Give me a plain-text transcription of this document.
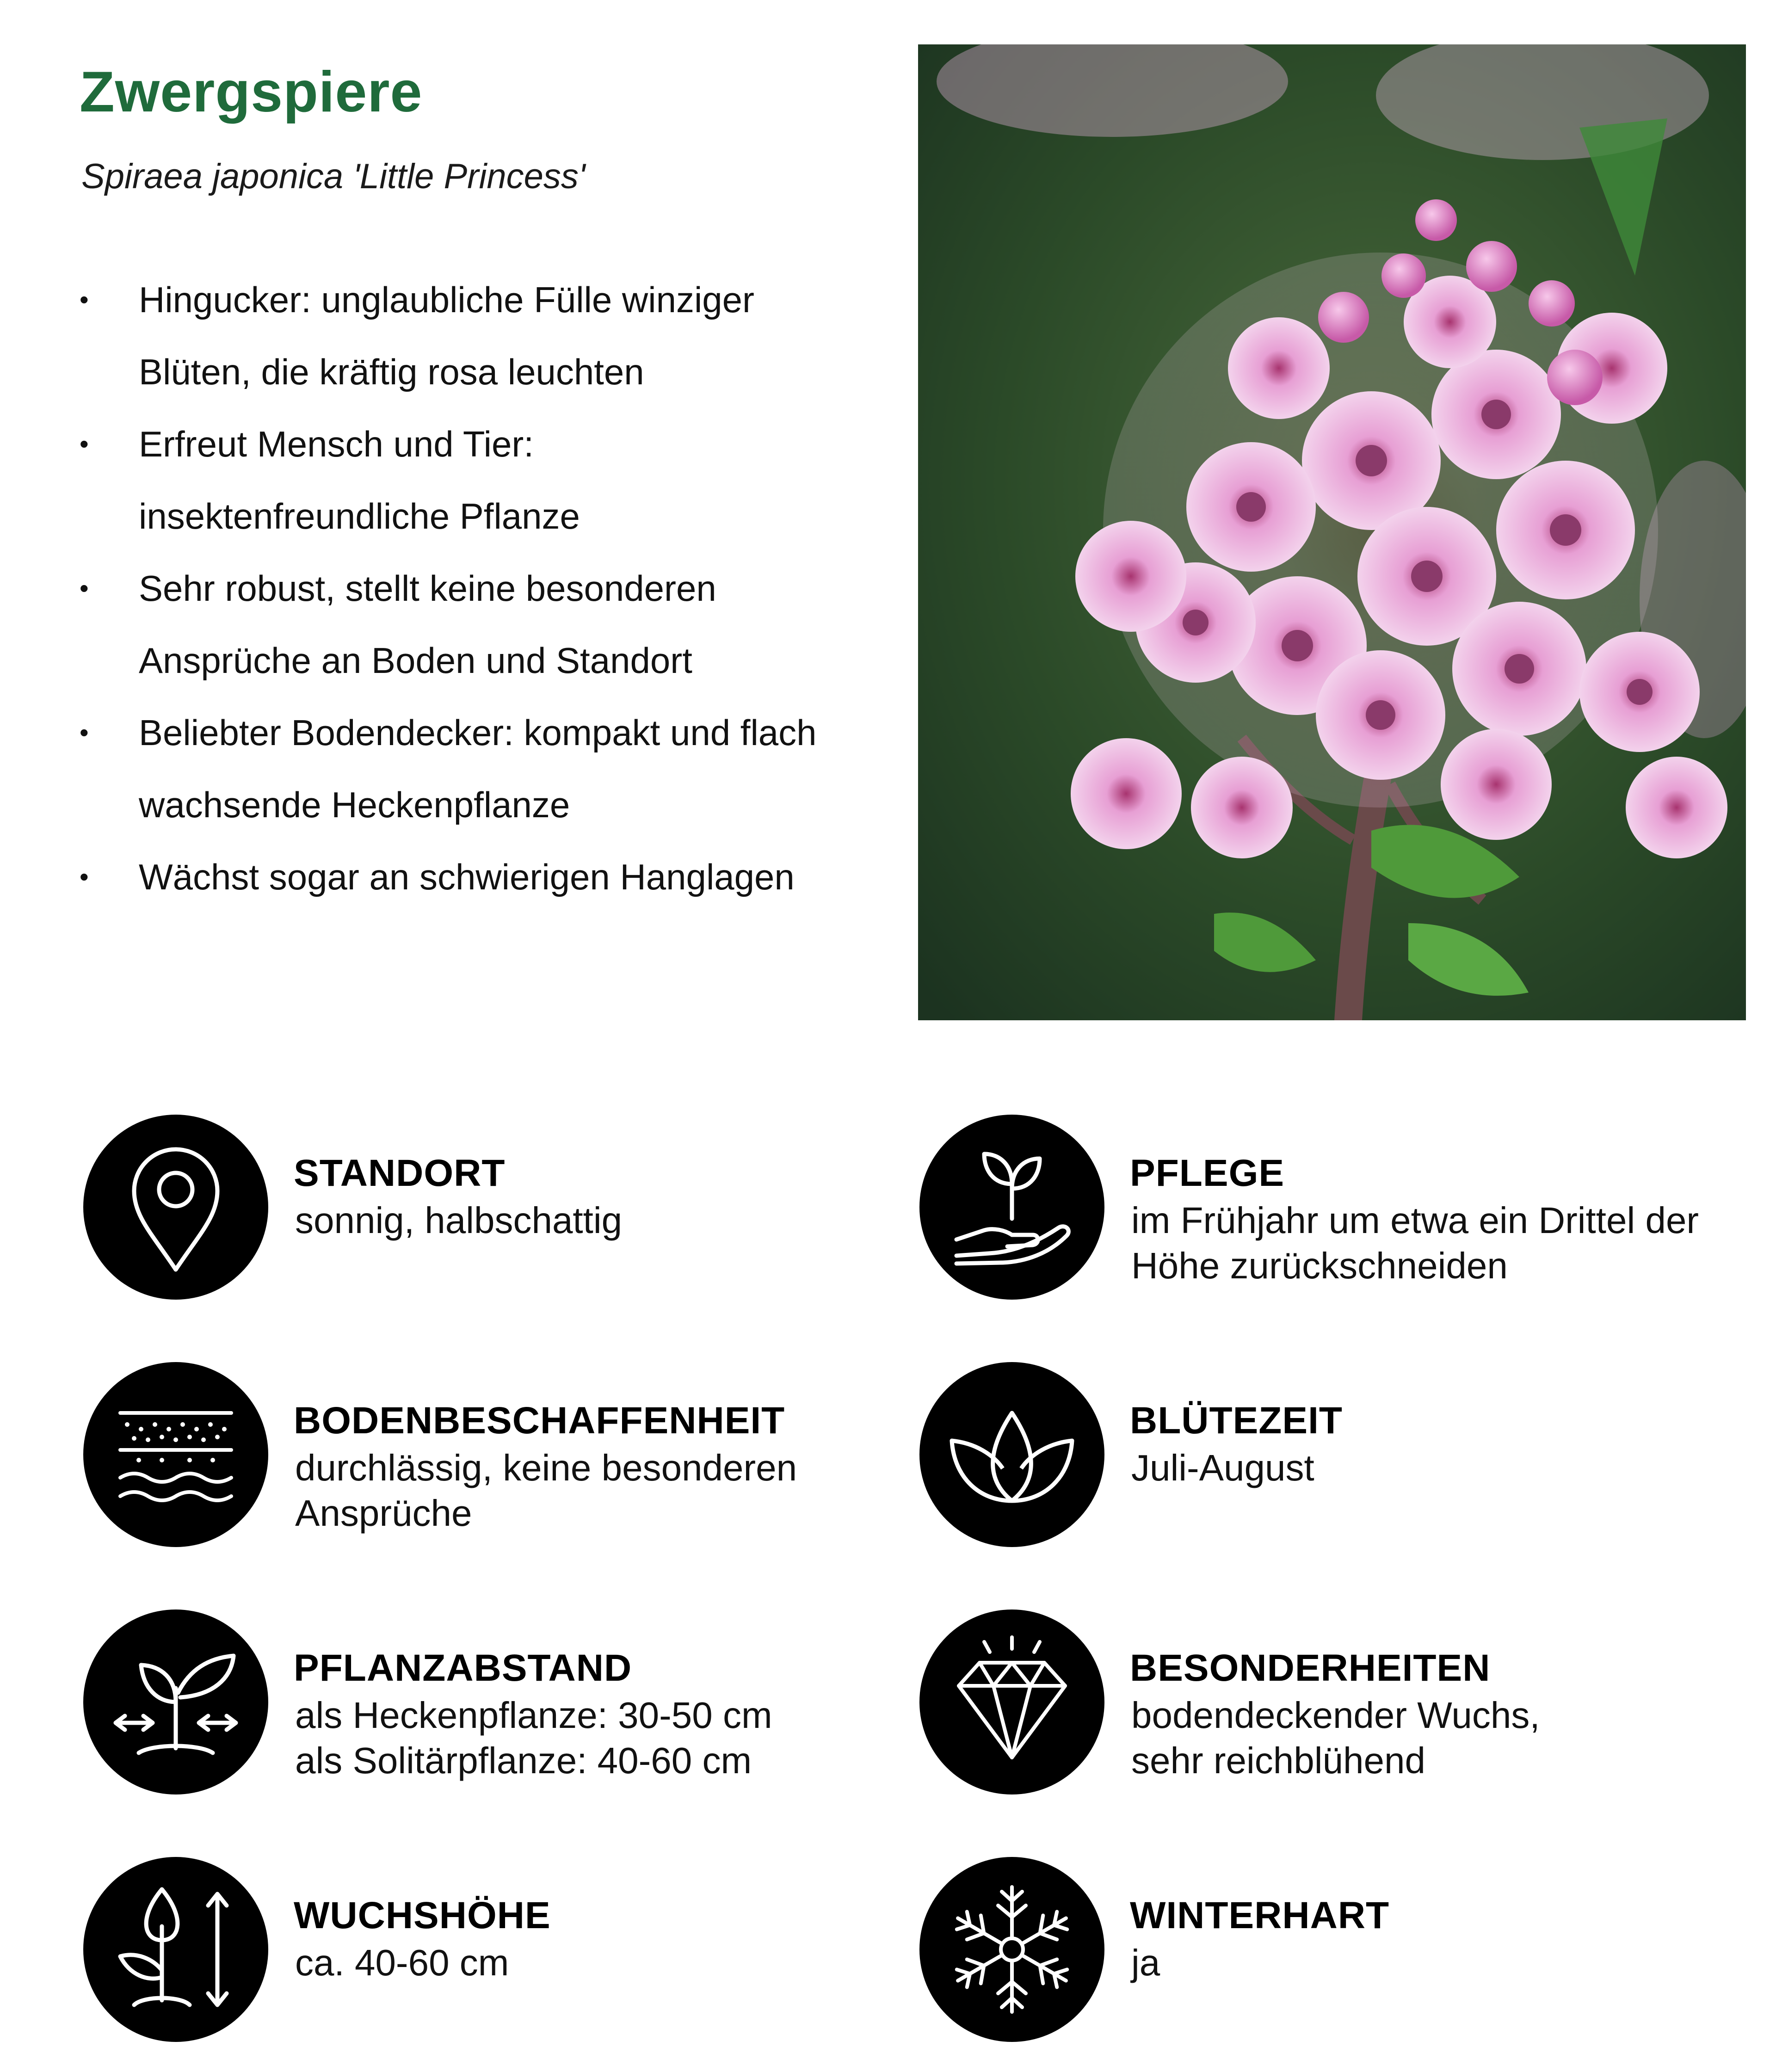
Zwergspiere
Spiraea japonica 'Little Princess'
• Hingucker: unglaubliche Fülle winziger Blüten, die kräftig rosa leuchten
• Erfreut Mensch und Tier: insektenfreundliche Pflanze
• Sehr robust, stellt keine besonderen Ansprüche an Boden und Standort
• Beliebter Bodendecker: kompakt und flach wachsende Heckenpflanze
• Wächst sogar an schwierigen Hanglagen
STANDORT
sonnig, halbschattig
PFLEGE
im Frühjahr um etwa ein Drittel der Höhe zurückschneiden
BODENBESCHAFFENHEIT
durchlässig, keine besonderen Ansprüche
BLÜTEZEIT
Juli-August
PFLANZABSTAND
als Heckenpflanze: 30-50 cm
als Solitärpflanze: 40-60 cm
BESONDERHEITEN
bodendeckender Wuchs, sehr reichblühend
WUCHSHÖHE
ca. 40-60 cm
WINTERHART
ja
